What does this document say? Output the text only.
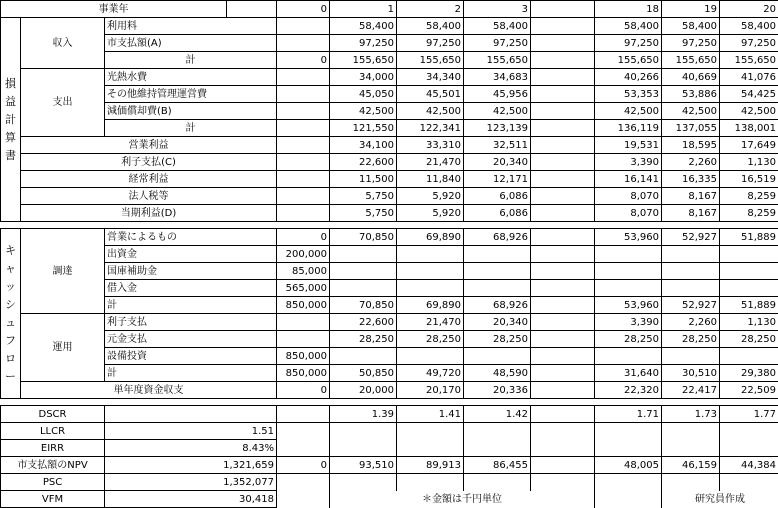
事業年				0	1	2	3		18	19	20
損益計算書	収入	利用料			58,400	58,400	58,400		58,400	58,400	58,400
		市支払額(A)			97,250	97,250	97,250		97,250	97,250	97,250
		計		0	155,650	155,650	155,650		155,650	155,650	155,650
	支出	光熱水費			34,000	34,340	34,683		40,266	40,669	41,076
		その他維持管理運営費			45,050	45,501	45,956		53,353	53,886	54,425
		減価償却費(B)			42,500	42,500	42,500		42,500	42,500	42,500
		計			121,550	122,341	123,139		136,119	137,055	138,001
	営業利益				34,100	33,310	32,511		19,531	18,595	17,649
	利子支払(C)				22,600	21,470	20,340		3,390	2,260	1,130
	経常利益				11,500	11,840	12,171		16,141	16,335	16,519
	法人税等				5,750	5,920	6,086		8,070	8,167	8,259
	当期利益(D)				5,750	5,920	6,086		8,070	8,167	8,259

キャッシュフロー	調達	営業によるもの		0	70,850	69,890	68,926		53,960	52,927	51,889
		出資金		200,000							
		国庫補助金		85,000							
		借入金		565,000							
		計		850,000	70,850	69,890	68,926		53,960	52,927	51,889
	運用	利子支払			22,600	21,470	20,340		3,390	2,260	1,130
		元金支払			28,250	28,250	28,250		28,250	28,250	28,250
		設備投資		850,000							
		計		850,000	50,850	49,720	48,590		31,640	30,510	29,380
	単年度資金収支			0	20,000	20,170	20,336		22,320	22,417	22,509

DSCR					1.39	1.41	1.42		1.71	1.73	1.77
LLCR		1.51									
EIRR		8.43%									
市支払額のNPV		1,321,659		0	93,510	89,913	86,455		48,005	46,159	44,384
PSC		1,352,077									
VFM		30,418			＊金額は千円単位					研究員作成	
